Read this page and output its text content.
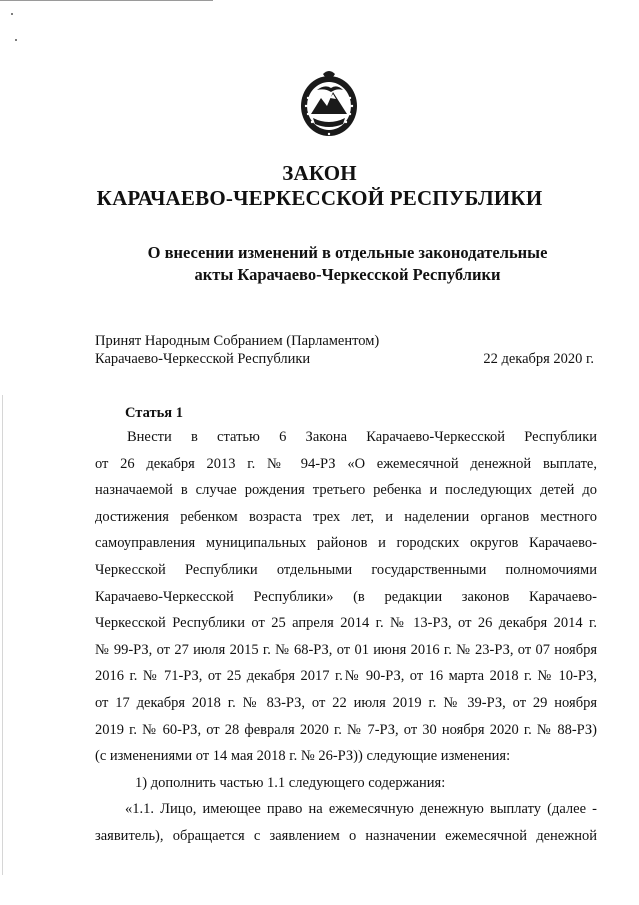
ЗАКОН
КАРАЧАЕВО-ЧЕРКЕССКОЙ РЕСПУБЛИКИ
О внесении изменений в отдельные законодательные
акты Карачаево-Черкесской Республики
Принят Народным Собранием (Парламентом)
Карачаево-Черкесской Республики	22 декабря 2020 г.
Статья 1
Внести в статью 6 Закона Карачаево-Черкесской Республики
от 26 декабря 2013 г. № 94-РЗ «О ежемесячной денежной выплате,
назначаемой в случае рождения третьего ребенка и последующих детей до
достижения ребенком возраста трех лет, и наделении органов местного
самоуправления муниципальных районов и городских округов Карачаево-
Черкесской Республики отдельными государственными полномочиями
Карачаево-Черкесской Республики» (в редакции законов Карачаево-
Черкесской Республики от 25 апреля 2014 г. № 13-РЗ, от 26 декабря 2014 г.
№ 99-РЗ, от 27 июля 2015 г. № 68-РЗ, от 01 июня 2016 г. № 23-РЗ, от 07 ноября
2016 г. № 71-РЗ, от 25 декабря 2017 г.№ 90-РЗ, от 16 марта 2018 г. № 10-РЗ,
от 17 декабря 2018 г. № 83-РЗ, от 22 июля 2019 г. № 39-РЗ, от 29 ноября
2019 г. № 60-РЗ, от 28 февраля 2020 г. № 7-РЗ, от 30 ноября 2020 г. № 88-РЗ)
(с изменениями от 14 мая 2018 г. № 26-РЗ)) следующие изменения:
1) дополнить частью 1.1 следующего содержания:
«1.1. Лицо, имеющее право на ежемесячную денежную выплату (далее -
заявитель), обращается с заявлением о назначении ежемесячной денежной
